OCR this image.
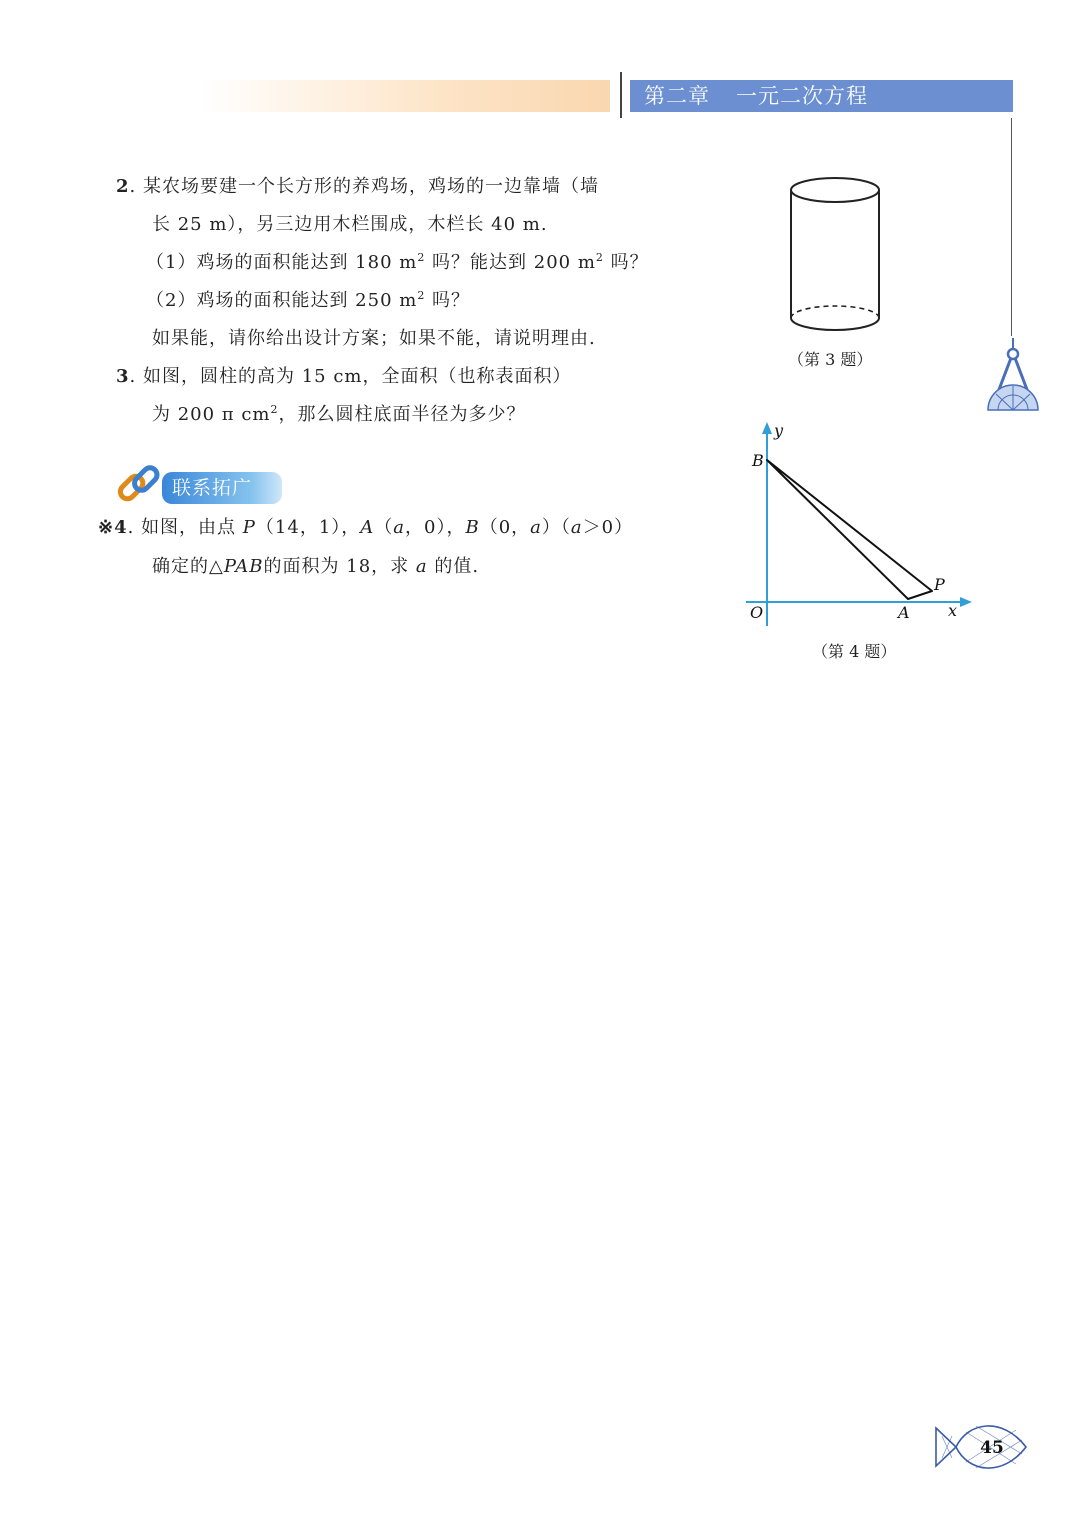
第二章 一元二次方程
2. 某农场要建一个长方形的养鸡场，鸡场的一边靠墙（墙
长 25 m），另三边用木栏围成，木栏长 40 m.
（1）鸡场的面积能达到 180 $m^2$ 吗？能达到 200 $m^2$ 吗？
（2）鸡场的面积能达到 250 $m^2$ 吗？
如果能，请你给出设计方案；如果不能，请说明理由.
3. 如图，圆柱的高为 15 cm，全面积（也称表面积）
为 200 π $cm^2$，那么圆柱底面半径为多少？
联系拓广
※4. 如图，由点 P（14，1），A（a，0），B（0，a）（a＞0）
确定的△PAB的面积为 18，求 a 的值.
（第 3 题）
y
x
O
B
A
P
（第 4 题）
45
